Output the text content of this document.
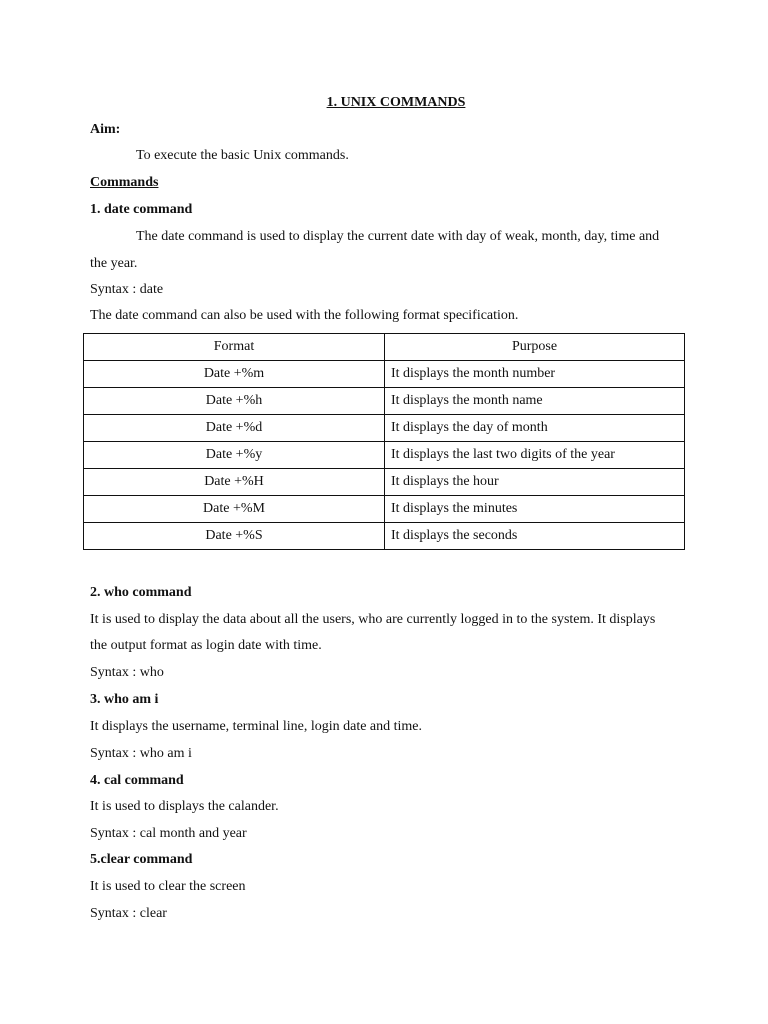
1. UNIX COMMANDS
Aim:
To execute the basic Unix commands.
Commands
1. date command
The date command is used to display the current date with day of weak, month, day, time and
the year.
Syntax : date
The date command can also be used with the following format specification.
Format	Purpose
Date +%m	It displays the month number
Date +%h	It displays the month name
Date +%d	It displays the day of month
Date +%y	It displays the last two digits of the year
Date +%H	It displays the hour
Date +%M	It displays the minutes
Date +%S	It displays the seconds
2. who command
It is used to display the data about all the users, who are currently logged in to the system. It displays
the output format as login date with time.
Syntax : who
3. who am i
It displays the username, terminal line, login date and time.
Syntax : who am i
4. cal command
It is used to displays the calander.
Syntax : cal month and year
5.clear command
It is used to clear the screen
Syntax : clear
